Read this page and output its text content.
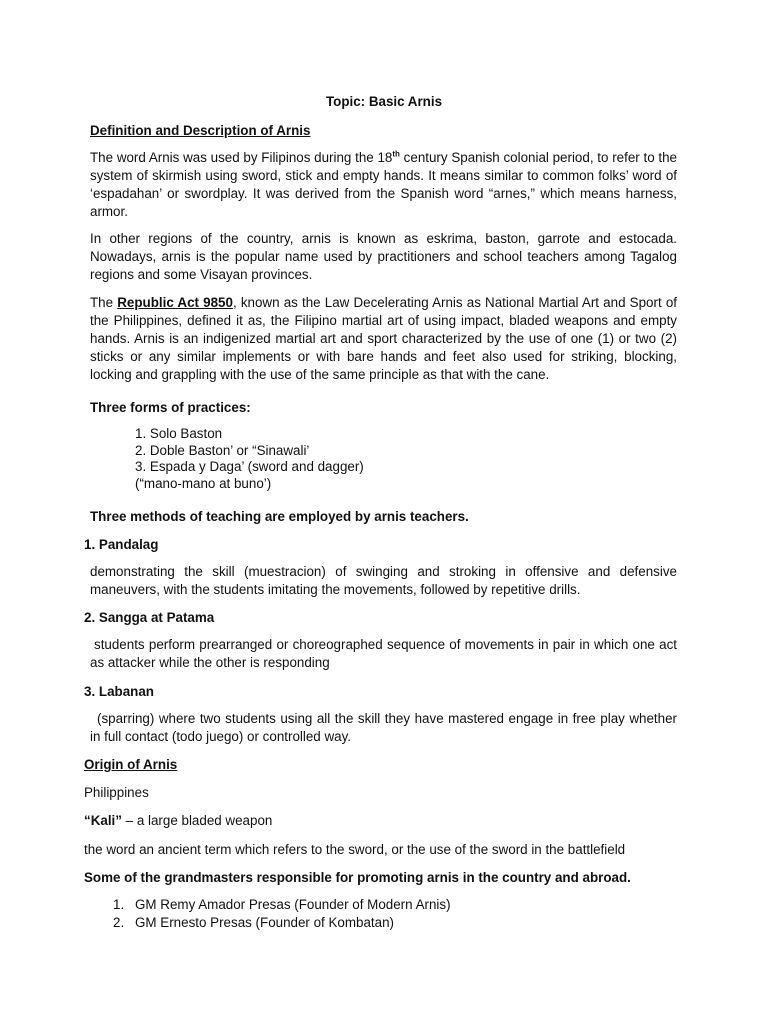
Topic: Basic Arnis
Definition and Description of Arnis

The word Arnis was used by Filipinos during the 18th century Spanish colonial period, to refer to the system of skirmish using sword, stick and empty hands. It means similar to common folks’ word of ‘espadahan’ or swordplay. It was derived from the Spanish word “arnes,” which means harness, armor.

In other regions of the country, arnis is known as eskrima, baston, garrote and estocada. Nowadays, arnis is the popular name used by practitioners and school teachers among Tagalog regions and some Visayan provinces.

The Republic Act 9850, known as the Law Decelerating Arnis as National Martial Art and Sport of the Philippines, defined it as, the Filipino martial art of using impact, bladed weapons and empty hands. Arnis is an indigenized martial art and sport characterized by the use of one (1) or two (2) sticks or any similar implements or with bare hands and feet also used for striking, blocking, locking and grappling with the use of the same principle as that with the cane.

Three forms of practices:
1. Solo Baston
2. Doble Baston’ or “Sinawali’
3. Espada y Daga’ (sword and dagger)
(“mano-mano at buno’)
Three methods of teaching are employed by arnis teachers.
1. Pandalag

demonstrating the skill (muestracion) of swinging and stroking in offensive and defensive maneuvers, with the students imitating the movements, followed by repetitive drills.

2. Sangga at Patama

students perform prearranged or choreographed sequence of movements in pair in which one act as attacker while the other is responding

3. Labanan

(sparring) where two students using all the skill they have mastered engage in free play whether in full contact (todo juego) or controlled way.

Origin of Arnis
Philippines
“Kali” – a large bladed weapon
the word an ancient term which refers to the sword, or the use of the sword in the battlefield
Some of the grandmasters responsible for promoting arnis in the country and abroad.
1. GM Remy Amador Presas (Founder of Modern Arnis)
2. GM Ernesto Presas (Founder of Kombatan)
